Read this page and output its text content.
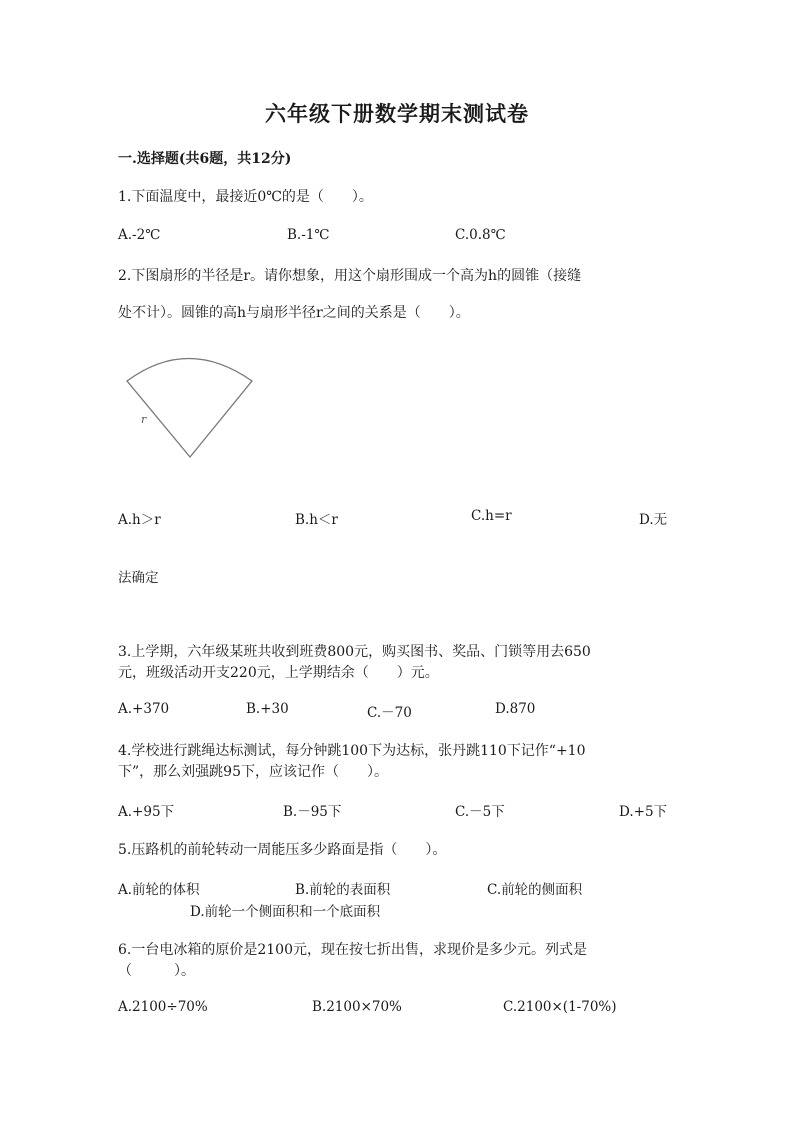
六年级下册数学期末测试卷
一.选择题(共6题，共12分)
1.下面温度中，最接近0℃的是（　　）。
A.-2℃	B.-1℃	C.0.8℃
2.下图扇形的半径是r。请你想象，用这个扇形围成一个高为h的圆锥（接缝
处不计）。圆锥的高h与扇形半径r之间的关系是（　　）。
r
A.h＞r	B.h＜r	C.h=r	D.无
法确定
3.上学期，六年级某班共收到班费800元，购买图书、奖品、门锁等用去650
元，班级活动开支220元，上学期结余（　　）元。
A.+370	B.+30	C.－70	D.870
4.学校进行跳绳达标测试，每分钟跳100下为达标，张丹跳110下记作“+10
下”，那么刘强跳95下，应该记作（　　）。
A.+95下	B.－95下	C.－5下	D.+5下
5.压路机的前轮转动一周能压多少路面是指（　　）。
A.前轮的体积	B.前轮的表面积	C.前轮的侧面积
D.前轮一个侧面积和一个底面积
6.一台电冰箱的原价是2100元，现在按七折出售，求现价是多少元。列式是
（　　　）。
A.2100÷70%	B.2100×70%	C.2100×(1-70%)
